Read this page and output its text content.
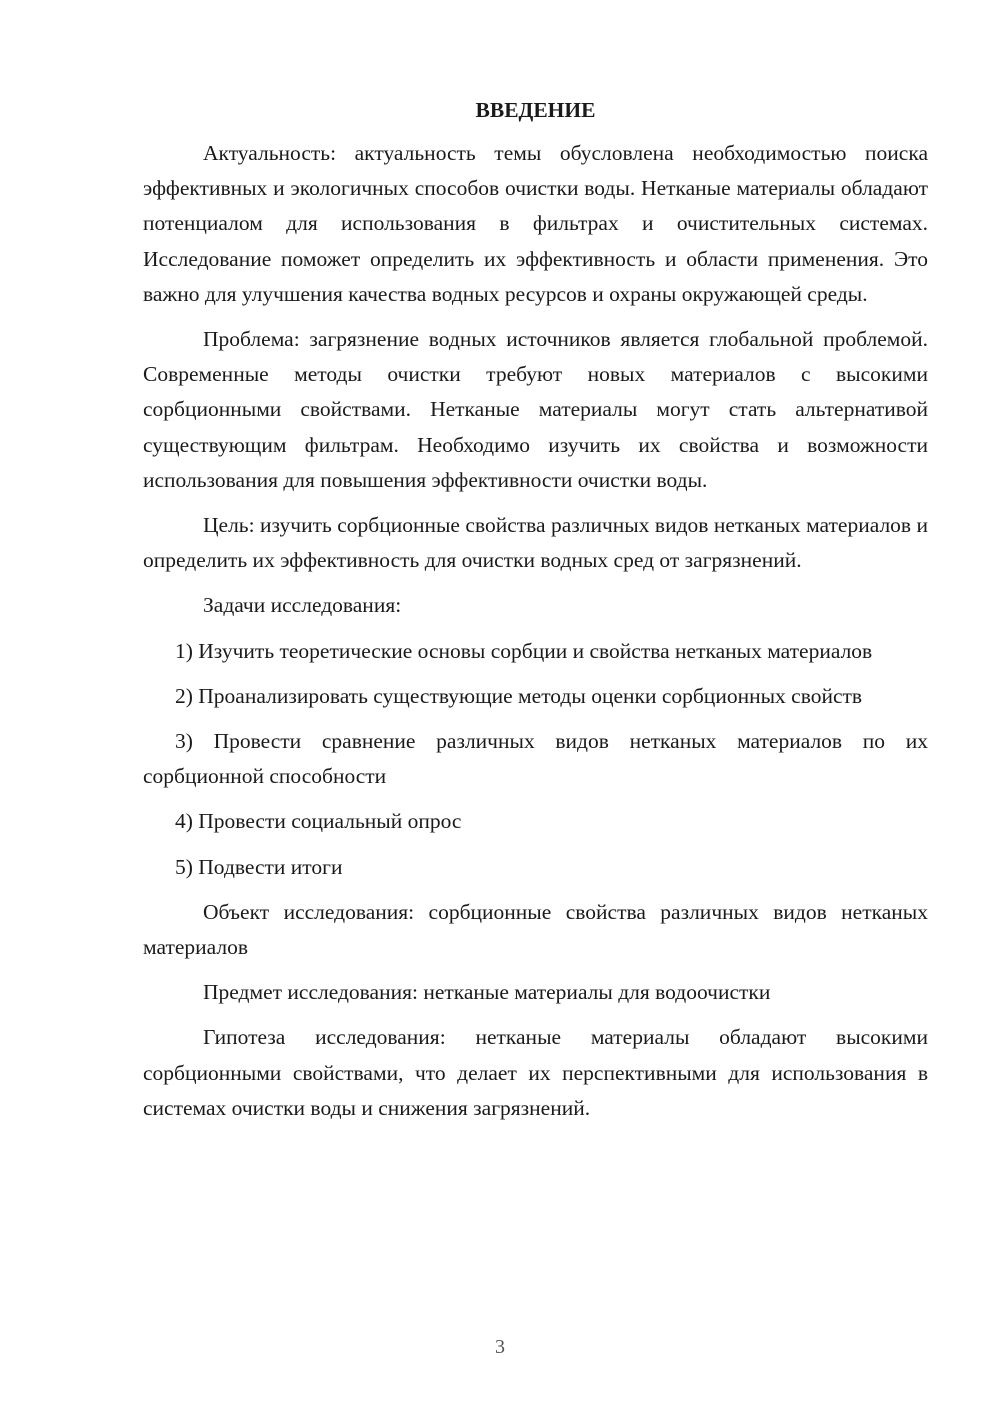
ВВЕДЕНИЕ

Актуальность: актуальность темы обусловлена необходимостью поиска эффективных и экологичных способов очистки воды. Нетканые материалы обладают потенциалом для использования в фильтрах и очистительных системах. Исследование поможет определить их эффективность и области применения. Это важно для улучшения качества водных ресурсов и охраны окружающей среды.

Проблема: загрязнение водных источников является глобальной проблемой. Современные методы очистки требуют новых материалов с высокими сорбционными свойствами. Нетканые материалы могут стать альтернативой существующим фильтрам. Необходимо изучить их свойства и возможности использования для повышения эффективности очистки воды.

Цель: изучить сорбционные свойства различных видов нетканых материалов и определить их эффективность для очистки водных сред от загрязнений.

Задачи исследования:

1) Изучить теоретические основы сорбции и свойства нетканых материалов

2) Проанализировать существующие методы оценки сорбционных свойств

3) Провести сравнение различных видов нетканых материалов по их сорбционной способности

4) Провести социальный опрос

5) Подвести итоги

Объект исследования: сорбционные свойства различных видов нетканых материалов

Предмет исследования: нетканые материалы для водоочистки

Гипотеза исследования: нетканые материалы обладают высокими сорбционными свойствами, что делает их перспективными для использования в системах очистки воды и снижения загрязнений.

3
